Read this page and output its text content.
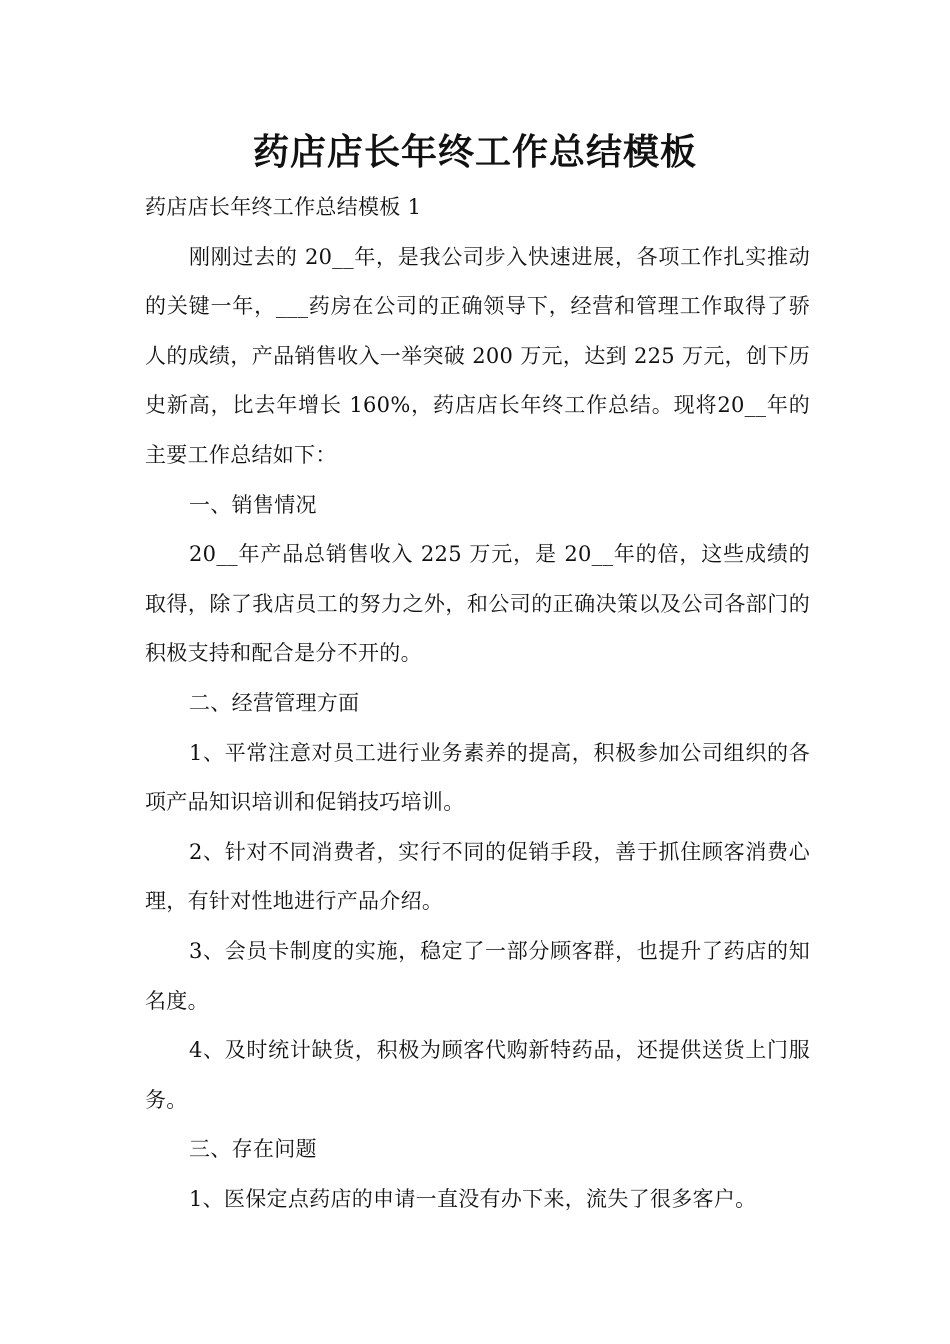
药店店长年终工作总结模板

药店店长年终工作总结模板 1

刚刚过去的 20__年，是我公司步入快速进展，各项工作扎实推动的关键一年，___药房在公司的正确领导下，经营和管理工作取得了骄人的成绩，产品销售收入一举突破 200 万元，达到 225 万元，创下历史新高，比去年增长 160%，药店店长年终工作总结。现将20__年的主要工作总结如下：

一、销售情况

20__年产品总销售收入 225 万元，是 20__年的倍，这些成绩的取得，除了我店员工的努力之外，和公司的正确决策以及公司各部门的积极支持和配合是分不开的。

二、经营管理方面

1、平常注意对员工进行业务素养的提高，积极参加公司组织的各项产品知识培训和促销技巧培训。

2、针对不同消费者，实行不同的促销手段，善于抓住顾客消费心理，有针对性地进行产品介绍。

3、会员卡制度的实施，稳定了一部分顾客群，也提升了药店的知名度。

4、及时统计缺货，积极为顾客代购新特药品，还提供送货上门服务。

三、存在问题

1、医保定点药店的申请一直没有办下来，流失了很多客户。
